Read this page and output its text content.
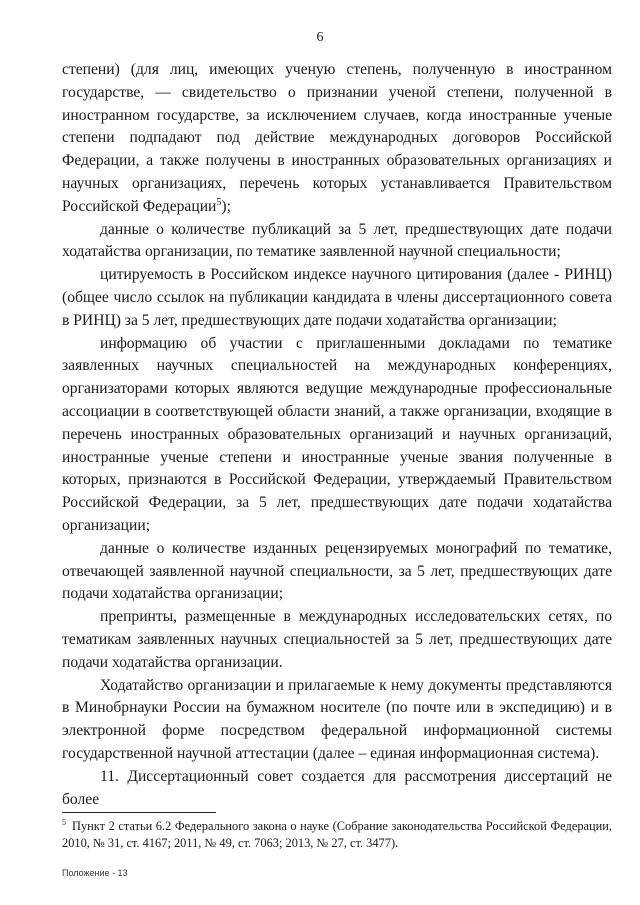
6

степени) (для лиц, имеющих ученую степень, полученную в иностранном государстве, — свидетельство о признании ученой степени, полученной в иностранном государстве, за исключением случаев, когда иностранные ученые степени подпадают под действие международных договоров Российской Федерации, а также получены в иностранных образовательных организациях и научных организациях, перечень которых устанавливается Правительством Российской Федерации$^5$);

данные о количестве публикаций за 5 лет, предшествующих дате подачи ходатайства организации, по тематике заявленной научной специальности;

цитируемость в Российском индексе научного цитирования (далее - РИНЦ) (общее число ссылок на публикации кандидата в члены диссертационного совета в РИНЦ) за 5 лет, предшествующих дате подачи ходатайства организации;

информацию об участии с приглашенными докладами по тематике заявленных научных специальностей на международных конференциях, организаторами которых являются ведущие международные профессиональные ассоциации в соответствующей области знаний, а также организации, входящие в перечень иностранных образовательных организаций и научных организаций, иностранные ученые степени и иностранные ученые звания полученные в которых, признаются в Российской Федерации, утверждаемый Правительством Российской Федерации, за 5 лет, предшествующих дате подачи ходатайства организации;

данные о количестве изданных рецензируемых монографий по тематике, отвечающей заявленной научной специальности, за 5 лет, предшествующих дате подачи ходатайства организации;

препринты, размещенные в международных исследовательских сетях, по тематикам заявленных научных специальностей за 5 лет, предшествующих дате подачи ходатайства организации.

Ходатайство организации и прилагаемые к нему документы представляются в Минобрнауки России на бумажном носителе (по почте или в экспедицию) и в электронной форме посредством федеральной информационной системы государственной научной аттестации (далее – единая информационная система).

11. Диссертационный совет создается для рассмотрения диссертаций не более

$^5$ Пункт 2 статьи 6.2 Федерального закона о науке (Собрание законодательства Российской Федерации, 2010, № 31, ст. 4167; 2011, № 49, ст. 7063; 2013, № 27, ст. 3477).

Положение - 13
